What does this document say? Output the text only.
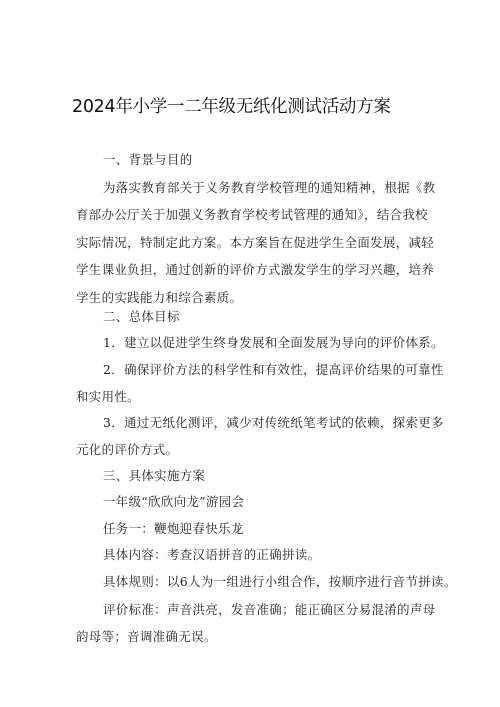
2024年小学一二年级无纸化测试活动方案
一、背景与目的
为落实教育部关于义务教育学校管理的通知精神，根据《教
育部办公厅关于加强义务教育学校考试管理的通知》，结合我校
实际情况，特制定此方案。本方案旨在促进学生全面发展，减轻
学生课业负担，通过创新的评价方式激发学生的学习兴趣，培养
学生的实践能力和综合素质。
二、总体目标
1．建立以促进学生终身发展和全面发展为导向的评价体系。
2．确保评价方法的科学性和有效性，提高评价结果的可靠性
和实用性。
3．通过无纸化测评，减少对传统纸笔考试的依赖，探索更多
元化的评价方式。
三、具体实施方案
一年级“欣欣向龙”游园会
任务一：鞭炮迎春快乐龙
具体内容：考查汉语拼音的正确拼读。
具体规则：以6人为一组进行小组合作，按顺序进行音节拼读。
评价标准：声音洪亮，发音准确；能正确区分易混淆的声母
韵母等；音调准确无误。
